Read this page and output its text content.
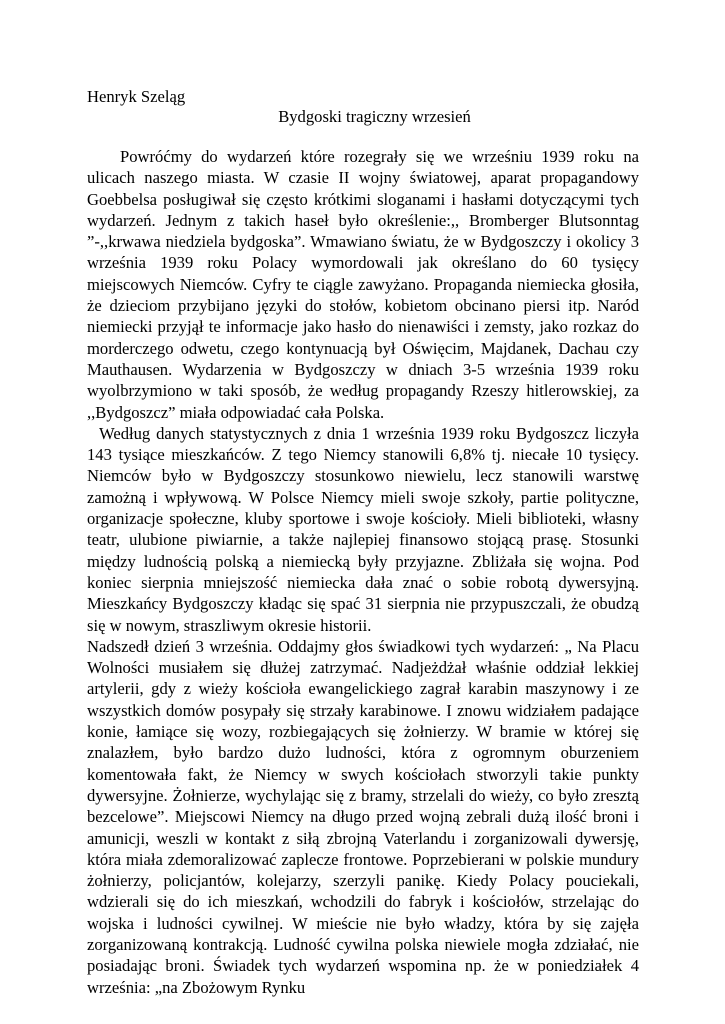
Henryk Szeląg
Bydgoski tragiczny wrzesień

Powróćmy do wydarzeń które rozegrały się we wrześniu 1939 roku na ulicach naszego miasta. W czasie II wojny światowej, aparat propagandowy Goebbelsa posługiwał się często krótkimi sloganami i hasłami dotyczącymi tych wydarzeń. Jednym z takich haseł było określenie:,, Bromberger Blutsonntag ”-,,krwawa niedziela bydgoska”. Wmawiano światu, że w Bydgoszczy i okolicy 3 września 1939 roku Polacy wymordowali jak określano do 60 tysięcy miejscowych Niemców. Cyfry te ciągle zawyżano. Propaganda niemiecka głosiła, że dzieciom przybijano języki do stołów, kobietom obcinano piersi itp. Naród niemiecki przyjął te informacje jako hasło do nienawiści i zemsty, jako rozkaz do morderczego odwetu, czego kontynuacją był Oświęcim, Majdanek, Dachau czy Mauthausen. Wydarzenia w Bydgoszczy w dniach 3-5 września 1939 roku wyolbrzymiono w taki sposób, że według propagandy Rzeszy hitlerowskiej, za ,,Bydgoszcz” miała odpowiadać cała Polska.

Według danych statystycznych z dnia 1 września 1939 roku Bydgoszcz liczyła 143 tysiące mieszkańców. Z tego Niemcy stanowili 6,8% tj. niecałe 10 tysięcy. Niemców było w Bydgoszczy stosunkowo niewielu, lecz stanowili warstwę zamożną i wpływową. W Polsce Niemcy mieli swoje szkoły, partie polityczne, organizacje społeczne, kluby sportowe i swoje kościoły. Mieli biblioteki, własny teatr, ulubione piwiarnie, a także najlepiej finansowo stojącą prasę. Stosunki między ludnością polską a niemiecką były przyjazne. Zbliżała się wojna. Pod koniec sierpnia mniejszość niemiecka dała znać o sobie robotą dywersyjną. Mieszkańcy Bydgoszczy kładąc się spać 31 sierpnia nie przypuszczali, że obudzą się w nowym, straszliwym okresie historii.

Nadszedł dzień 3 września. Oddajmy głos świadkowi tych wydarzeń: „ Na Placu Wolności musiałem się dłużej zatrzymać. Nadjeżdżał właśnie oddział lekkiej artylerii, gdy z wieży kościoła ewangelickiego zagrał karabin maszynowy i ze wszystkich domów posypały się strzały karabinowe. I znowu widziałem padające konie, łamiące się wozy, rozbiegających się żołnierzy. W bramie w której się znalazłem, było bardzo dużo ludności, która z ogromnym oburzeniem komentowała fakt, że Niemcy w swych kościołach stworzyli takie punkty dywersyjne. Żołnierze, wychylając się z bramy, strzelali do wieży, co było zresztą bezcelowe”. Miejscowi Niemcy na długo przed wojną zebrali dużą ilość broni i amunicji, weszli w kontakt z siłą zbrojną Vaterlandu i zorganizowali dywersję, która miała zdemoralizować zaplecze frontowe. Poprzebierani w polskie mundury żołnierzy, policjantów, kolejarzy, szerzyli panikę. Kiedy Polacy pouciekali, wdzierali się do ich mieszkań, wchodzili do fabryk i kościołów, strzelając do wojska i ludności cywilnej. W mieście nie było władzy, która by się zajęła zorganizowaną kontrakcją. Ludność cywilna polska niewiele mogła zdziałać, nie posiadając broni. Świadek tych wydarzeń wspomina np. że w poniedziałek 4 września: „na Zbożowym Rynku
